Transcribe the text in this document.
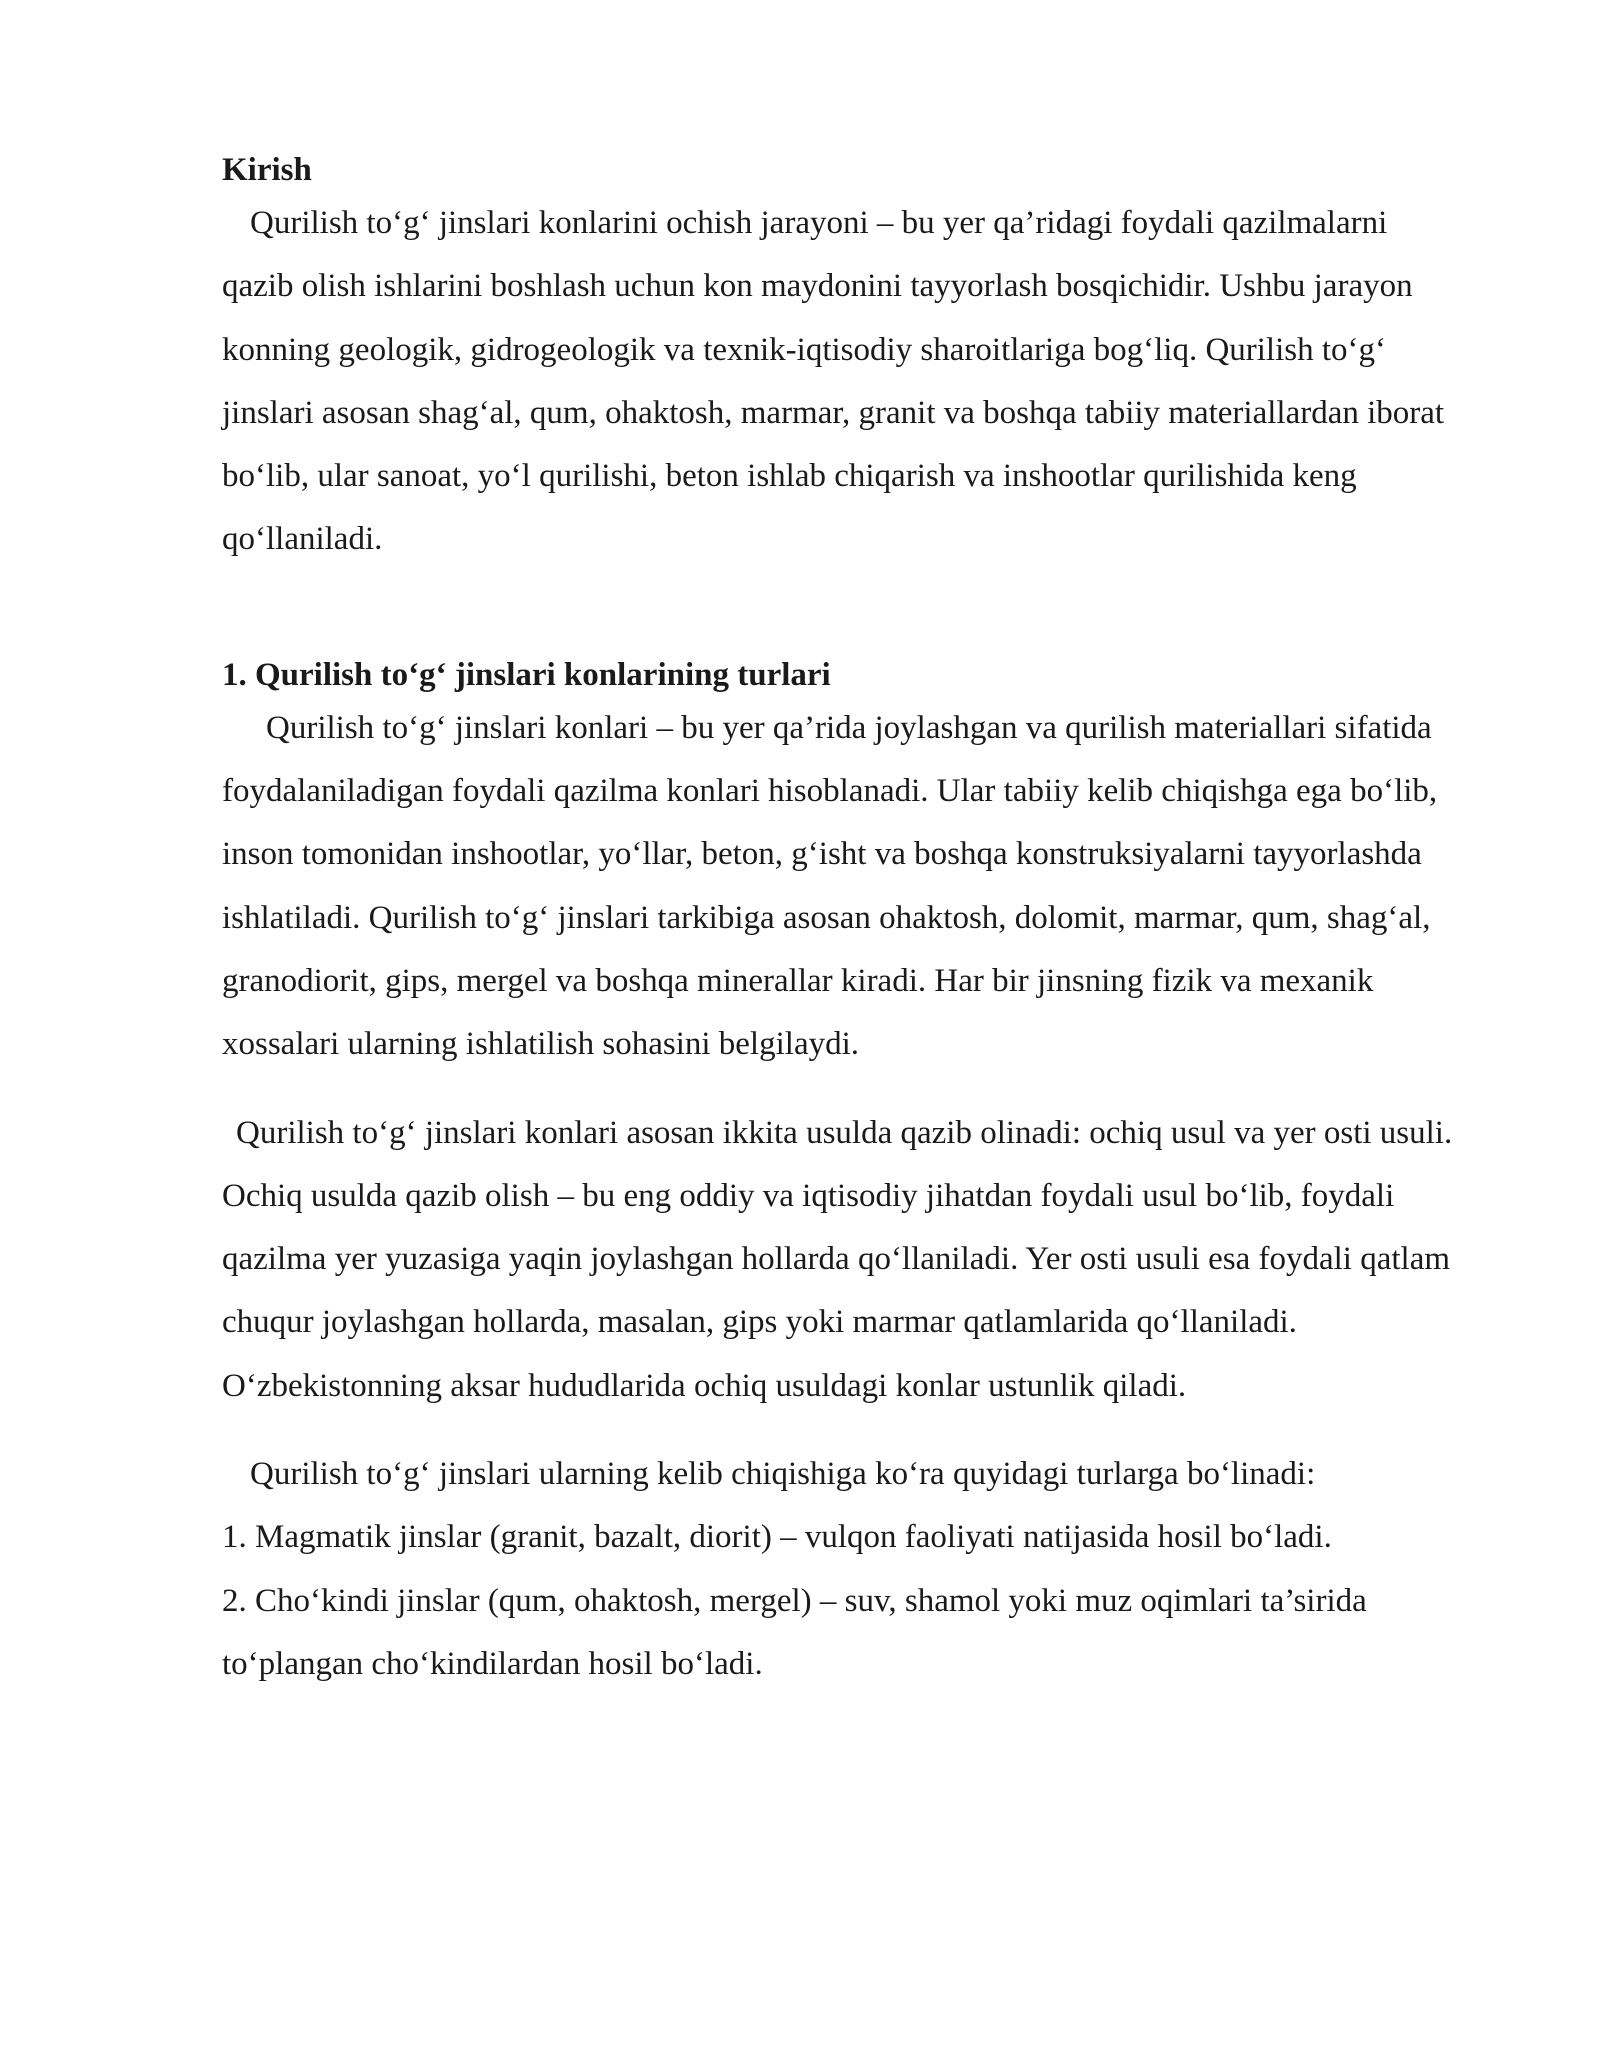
Kirish

Qurilish to‘g‘ jinslari konlarini ochish jarayoni – bu yer qa’ridagi foydali qazilmalarni qazib olish ishlarini boshlash uchun kon maydonini tayyorlash bosqichidir. Ushbu jarayon konning geologik, gidrogeologik va texnik-iqtisodiy sharoitlariga bog‘liq. Qurilish to‘g‘ jinslari asosan shag‘al, qum, ohaktosh, marmar, granit va boshqa tabiiy materiallardan iborat bo‘lib, ular sanoat, yo‘l qurilishi, beton ishlab chiqarish va inshootlar qurilishida keng qo‘llaniladi.

1. Qurilish to‘g‘ jinslari konlarining turlari

Qurilish to‘g‘ jinslari konlari – bu yer qa’rida joylashgan va qurilish materiallari sifatida foydalaniladigan foydali qazilma konlari hisoblanadi. Ular tabiiy kelib chiqishga ega bo‘lib, inson tomonidan inshootlar, yo‘llar, beton, g‘isht va boshqa konstruksiyalarni tayyorlashda ishlatiladi. Qurilish to‘g‘ jinslari tarkibiga asosan ohaktosh, dolomit, marmar, qum, shag‘al, granodiorit, gips, mergel va boshqa minerallar kiradi. Har bir jinsning fizik va mexanik xossalari ularning ishlatilish sohasini belgilaydi.

Qurilish to‘g‘ jinslari konlari asosan ikkita usulda qazib olinadi: ochiq usul va yer osti usuli. Ochiq usulda qazib olish – bu eng oddiy va iqtisodiy jihatdan foydali usul bo‘lib, foydali qazilma yer yuzasiga yaqin joylashgan hollarda qo‘llaniladi. Yer osti usuli esa foydali qatlam chuqur joylashgan hollarda, masalan, gips yoki marmar qatlamlarida qo‘llaniladi. O‘zbekistonning aksar hududlarida ochiq usuldagi konlar ustunlik qiladi.

Qurilish to‘g‘ jinslari ularning kelib chiqishiga ko‘ra quyidagi turlarga bo‘linadi:

1. Magmatik jinslar (granit, bazalt, diorit) – vulqon faoliyati natijasida hosil bo‘ladi.

2. Cho‘kindi jinslar (qum, ohaktosh, mergel) – suv, shamol yoki muz oqimlari ta’sirida to‘plangan cho‘kindilardan hosil bo‘ladi.
